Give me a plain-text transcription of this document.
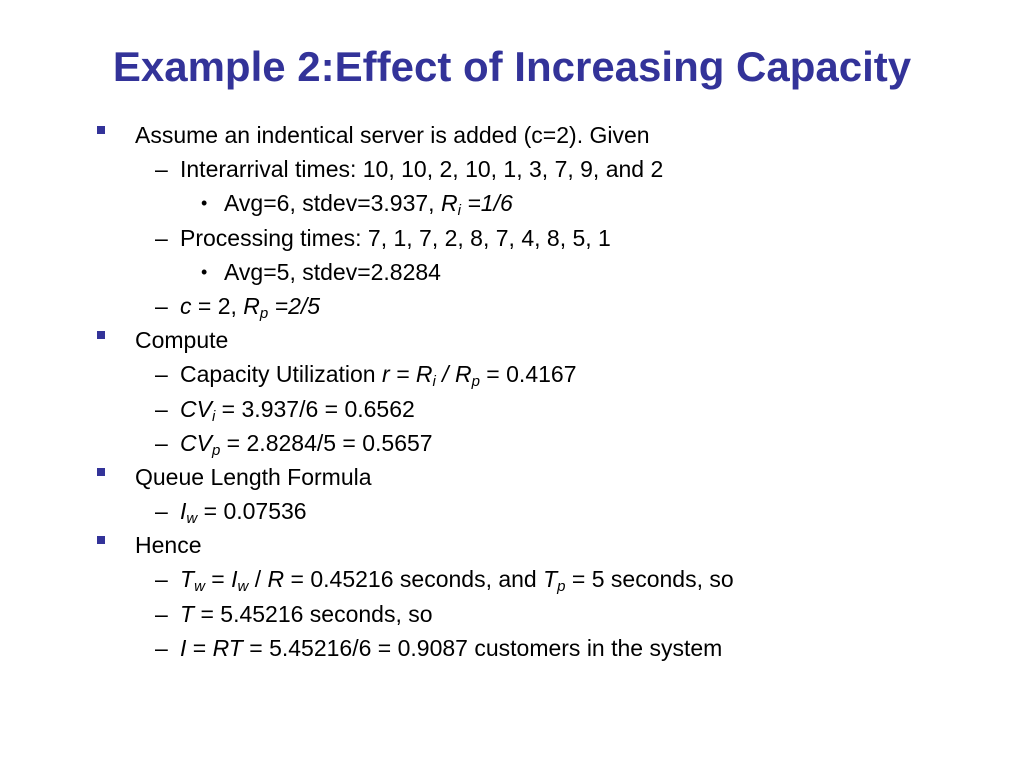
Example 2:Effect of Increasing Capacity
Assume an indentical server is added (c=2). Given
– Interarrival times: 10, 10, 2, 10, 1, 3, 7, 9, and 2
• Avg=6, stdev=3.937, $R_i =1/6$
– Processing times: 7, 1, 7, 2, 8, 7, 4, 8, 5, 1
• Avg=5, stdev=2.8284
– c = 2, $R_p =2/5$
Compute
– Capacity Utilization $r = R_i / R_p = 0.4167$
– $CV_i = 3.937/6 = 0.6562$
– $CV_p = 2.8284/5 = 0.5657$
Queue Length Formula
– $I_w = 0.07536$
Hence
– $T_w = I_w / R = 0.45216$ seconds, and $T_p = 5$ seconds, so
– T = 5.45216 seconds, so
– I = RT = 5.45216/6 = 0.9087 customers in the system
